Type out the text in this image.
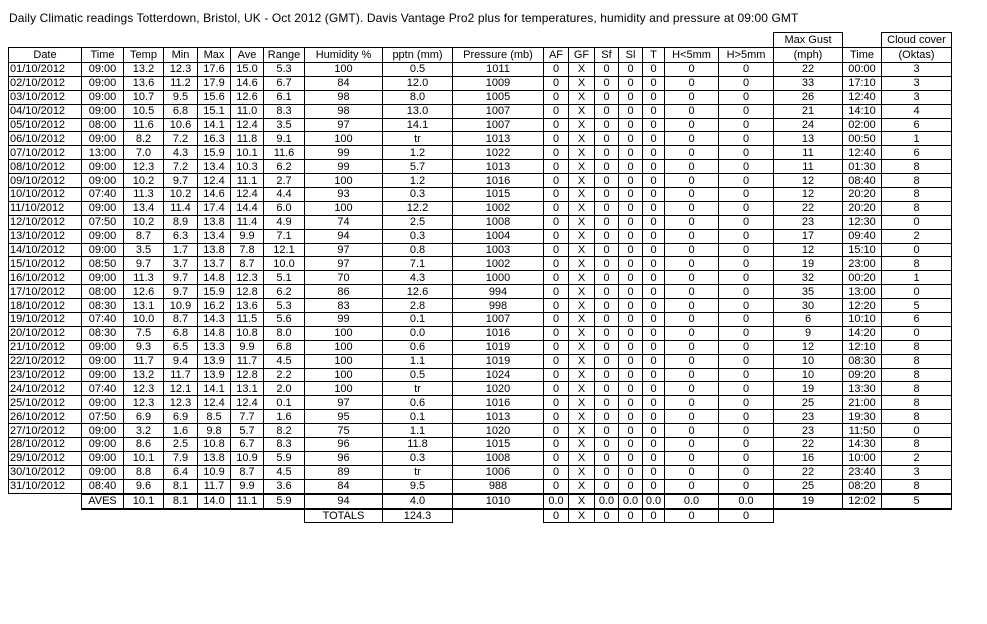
Daily Climatic readings Totterdown, Bristol, UK - Oct 2012 (GMT). Davis Vantage Pro2 plus for temperatures, humidity and pressure at 09:00 GMT
																	Max Gust		Cloud cover
Date	Time	Temp	Min	Max	Ave	Range	Humidity %	pptn (mm)	Pressure (mb)	AF	GF	Sf	Sl	T	H<5mm	H>5mm	(mph)	Time	(Oktas)
01/10/2012	09:00	13.2	12.3	17.6	15.0	5.3	100	0.5	1011	0	X	0	0	0	0	0	22	00:00	3
02/10/2012	09:00	13.6	11.2	17.9	14.6	6.7	84	12.0	1009	0	X	0	0	0	0	0	33	17:10	3
03/10/2012	09:00	10.7	9.5	15.6	12.6	6.1	98	8.0	1005	0	X	0	0	0	0	0	26	12:40	3
04/10/2012	09:00	10.5	6.8	15.1	11.0	8.3	98	13.0	1007	0	X	0	0	0	0	0	21	14:10	4
05/10/2012	08:00	11.6	10.6	14.1	12.4	3.5	97	14.1	1007	0	X	0	0	0	0	0	24	02:00	6
06/10/2012	09:00	8.2	7.2	16.3	11.8	9.1	100	tr	1013	0	X	0	0	0	0	0	13	00:50	1
07/10/2012	13:00	7.0	4.3	15.9	10.1	11.6	99	1.2	1022	0	X	0	0	0	0	0	11	12:40	6
08/10/2012	09:00	12.3	7.2	13.4	10.3	6.2	99	5.7	1013	0	X	0	0	0	0	0	11	01:30	8
09/10/2012	09:00	10.2	9.7	12.4	11.1	2.7	100	1.2	1016	0	X	0	0	0	0	0	12	08:40	8
10/10/2012	07:40	11.3	10.2	14.6	12.4	4.4	93	0.3	1015	0	X	0	0	0	0	0	12	20:20	8
11/10/2012	09:00	13.4	11.4	17.4	14.4	6.0	100	12.2	1002	0	X	0	0	0	0	0	22	20:20	8
12/10/2012	07:50	10.2	8.9	13.8	11.4	4.9	74	2.5	1008	0	X	0	0	0	0	0	23	12:30	0
13/10/2012	09:00	8.7	6.3	13.4	9.9	7.1	94	0.3	1004	0	X	0	0	0	0	0	17	09:40	2
14/10/2012	09:00	3.5	1.7	13.8	7.8	12.1	97	0.8	1003	0	X	0	0	0	0	0	12	15:10	0
15/10/2012	08:50	9.7	3.7	13.7	8.7	10.0	97	7.1	1002	0	X	0	0	0	0	0	19	23:00	8
16/10/2012	09:00	11.3	9.7	14.8	12.3	5.1	70	4.3	1000	0	X	0	0	0	0	0	32	00:20	1
17/10/2012	08:00	12.6	9.7	15.9	12.8	6.2	86	12.6	994	0	X	0	0	0	0	0	35	13:00	0
18/10/2012	08:30	13.1	10.9	16.2	13.6	5.3	83	2.8	998	0	X	0	0	0	0	0	30	12:20	5
19/10/2012	07:40	10.0	8.7	14.3	11.5	5.6	99	0.1	1007	0	X	0	0	0	0	0	6	10:10	6
20/10/2012	08:30	7.5	6.8	14.8	10.8	8.0	100	0.0	1016	0	X	0	0	0	0	0	9	14:20	0
21/10/2012	09:00	9.3	6.5	13.3	9.9	6.8	100	0.6	1019	0	X	0	0	0	0	0	12	12:10	8
22/10/2012	09:00	11.7	9.4	13.9	11.7	4.5	100	1.1	1019	0	X	0	0	0	0	0	10	08:30	8
23/10/2012	09:00	13.2	11.7	13.9	12.8	2.2	100	0.5	1024	0	X	0	0	0	0	0	10	09:20	8
24/10/2012	07:40	12.3	12.1	14.1	13.1	2.0	100	tr	1020	0	X	0	0	0	0	0	19	13:30	8
25/10/2012	09:00	12.3	12.3	12.4	12.4	0.1	97	0.6	1016	0	X	0	0	0	0	0	25	21:00	8
26/10/2012	07:50	6.9	6.9	8.5	7.7	1.6	95	0.1	1013	0	X	0	0	0	0	0	23	19:30	8
27/10/2012	09:00	3.2	1.6	9.8	5.7	8.2	75	1.1	1020	0	X	0	0	0	0	0	23	11:50	0
28/10/2012	09:00	8.6	2.5	10.8	6.7	8.3	96	11.8	1015	0	X	0	0	0	0	0	22	14:30	8
29/10/2012	09:00	10.1	7.9	13.8	10.9	5.9	96	0.3	1008	0	X	0	0	0	0	0	16	10:00	2
30/10/2012	09:00	8.8	6.4	10.9	8.7	4.5	89	tr	1006	0	X	0	0	0	0	0	22	23:40	3
31/10/2012	08:40	9.6	8.1	11.7	9.9	3.6	84	9.5	988	0	X	0	0	0	0	0	25	08:20	8
	AVES	10.1	8.1	14.0	11.1	5.9	94	4.0	1010	0.0	X	0.0	0.0	0.0	0.0	0.0	19	12:02	5
							TOTALS	124.3		0	X	0	0	0	0	0			
